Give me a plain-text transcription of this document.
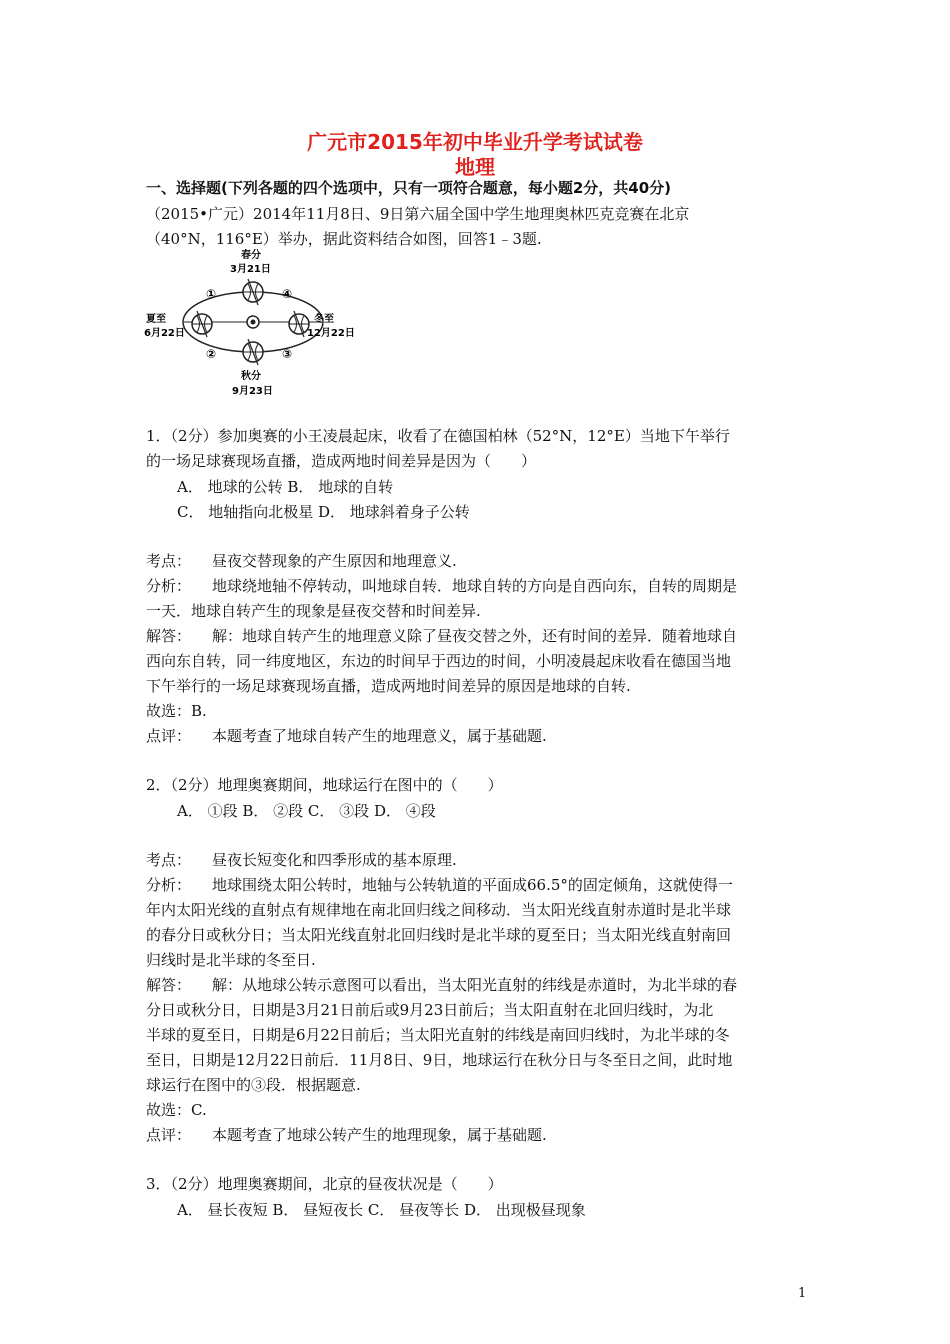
广元市2015年初中毕业升学考试试卷
地理
一、选择题(下列各题的四个选项中，只有一项符合题意，每小题2分，共40分)
（2015•广元）2014年11月8日、9日第六届全国中学生地理奥林匹克竞赛在北京
（40°N，116°E）举办，据此资料结合如图，回答1﹣3题.
春分
3月21日
夏至
6月22日
冬至
12月22日
秋分
9月23日
①
②	③
④
1．（2分）参加奥赛的小王凌晨起床，收看了在德国柏林（52°N，12°E）当地下午举行
的一场足球赛现场直播，造成两地时间差异是因为（　　）
A． 地球的公转 B． 地球的自转
C． 地轴指向北极星 D． 地球斜着身子公转
考点： 昼夜交替现象的产生原因和地理意义.
分析： 地球绕地轴不停转动，叫地球自转．地球自转的方向是自西向东，自转的周期是
一天．地球自转产生的现象是昼夜交替和时间差异.
解答： 解：地球自转产生的地理意义除了昼夜交替之外，还有时间的差异．随着地球自
西向东自转，同一纬度地区，东边的时间早于西边的时间，小明凌晨起床收看在德国当地
下午举行的一场足球赛现场直播，造成两地时间差异的原因是地球的自转.
故选：B.
点评： 本题考查了地球自转产生的地理意义，属于基础题.
2．（2分）地理奥赛期间，地球运行在图中的（　　）
A． ①段 B． ②段 C． ③段 D． ④段
考点： 昼夜长短变化和四季形成的基本原理.
分析： 地球围绕太阳公转时，地轴与公转轨道的平面成66.5°的固定倾角，这就使得一
年内太阳光线的直射点有规律地在南北回归线之间移动．当太阳光线直射赤道时是北半球
的春分日或秋分日；当太阳光线直射北回归线时是北半球的夏至日；当太阳光线直射南回
归线时是北半球的冬至日.
解答： 解：从地球公转示意图可以看出，当太阳光直射的纬线是赤道时，为北半球的春
分日或秋分日，日期是3月21日前后或9月23日前后；当太阳直射在北回归线时，为北
半球的夏至日，日期是6月22日前后；当太阳光直射的纬线是南回归线时，为北半球的冬
至日，日期是12月22日前后．11月8日、9日，地球运行在秋分日与冬至日之间，此时地
球运行在图中的③段．根据题意.
故选：C.
点评： 本题考查了地球公转产生的地理现象，属于基础题.
3．（2分）地理奥赛期间，北京的昼夜状况是（　　）
A． 昼长夜短 B． 昼短夜长 C． 昼夜等长 D． 出现极昼现象
1
